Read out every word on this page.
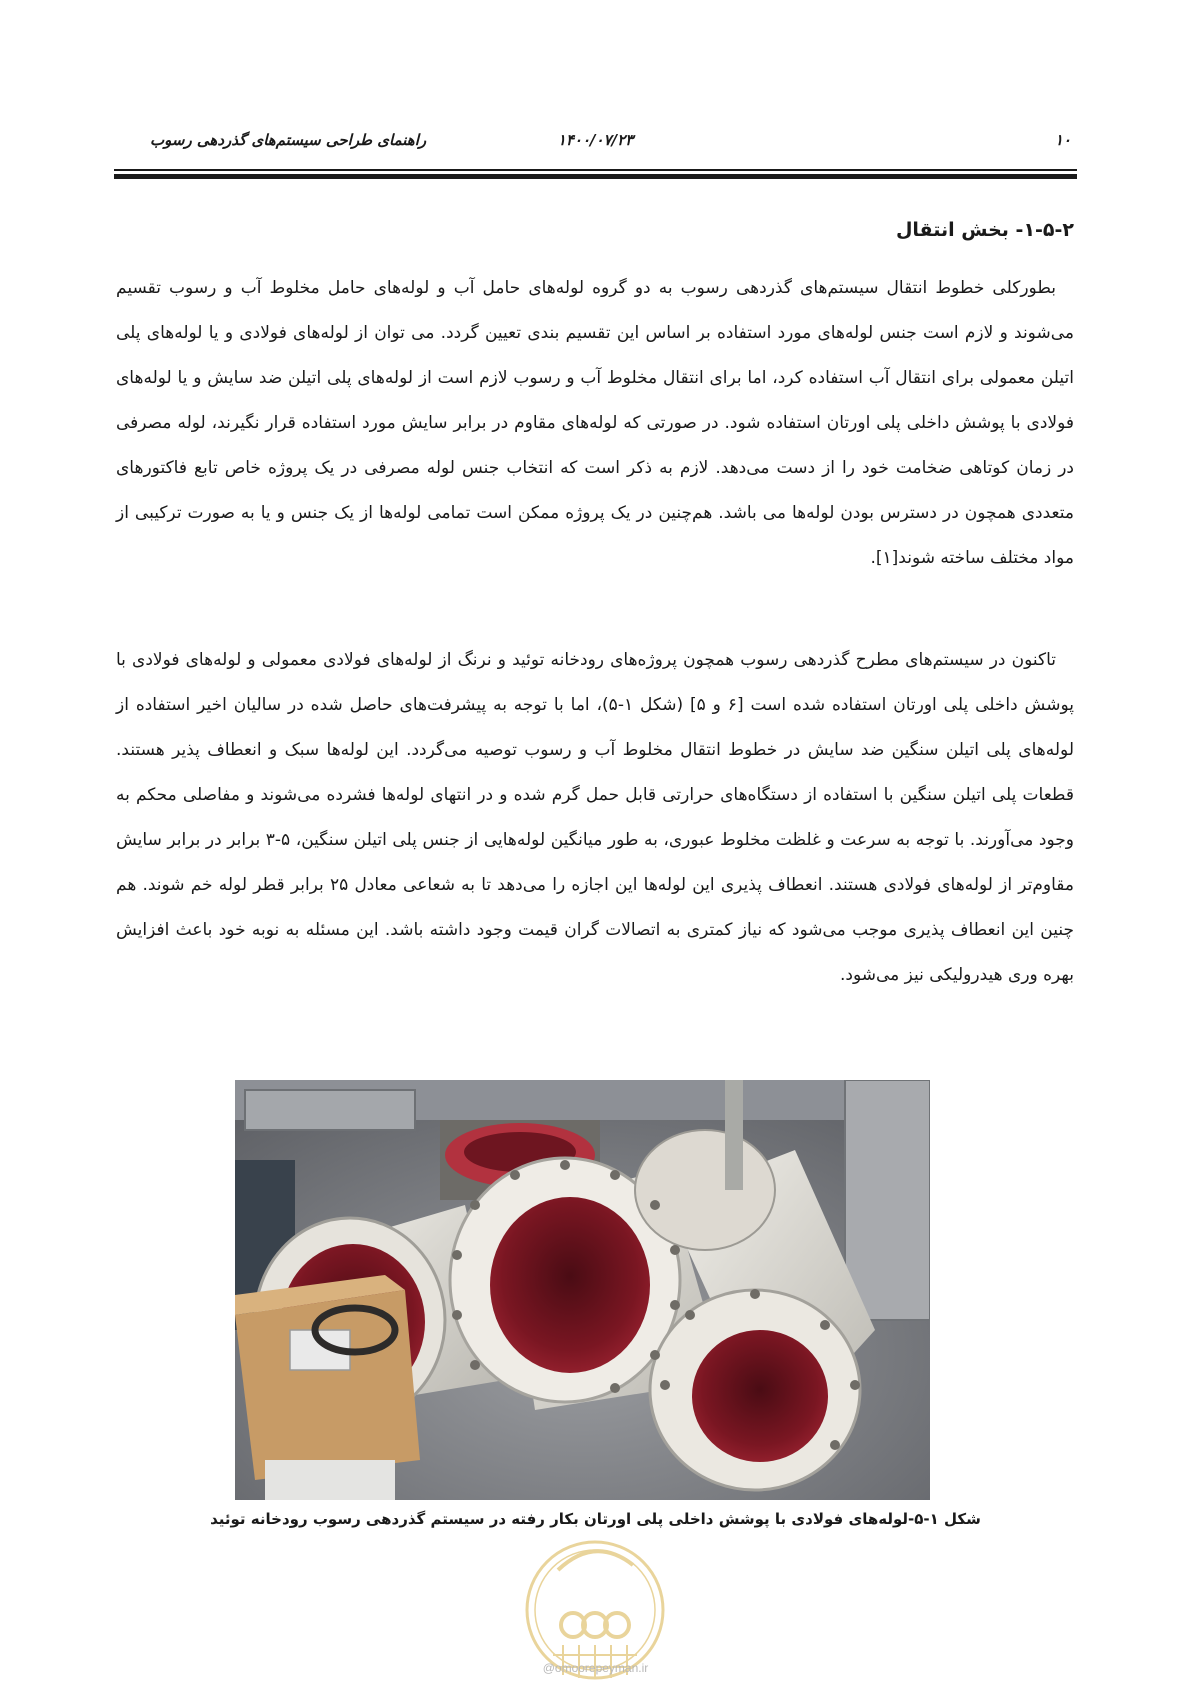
۱۰
۱۴۰۰/۰۷/۲۳
راهنمای طراحی سیستم‌های گذردهی رسوب
۱-۵-۲- بخش انتقال
بطورکلی خطوط انتقال سیستم‌های گذردهی رسوب به دو گروه لوله‌های حامل آب و لوله‌های حامل مخلوط آب و رسوب تقسیم می‌شوند و لازم است جنس لوله‌های مورد استفاده بر اساس این تقسیم بندی تعیین گردد. می توان از لوله‌های فولادی و یا لوله‌های پلی اتیلن معمولی برای انتقال آب استفاده کرد، اما برای انتقال مخلوط آب و رسوب لازم است از لوله‌های پلی اتیلن ضد سایش و یا لوله‌های فولادی با پوشش داخلی پلی اورتان استفاده شود. در صورتی که لوله‌های مقاوم در برابر سایش مورد استفاده قرار نگیرند، لوله مصرفی در زمان کوتاهی ضخامت خود را از دست می‌دهد. لازم به ذکر است که انتخاب جنس لوله مصرفی در یک پروژه خاص تابع فاکتورهای متعددی همچون در دسترس بودن لوله‌ها می باشد. هم‌چنین در یک پروژه ممکن است تمامی لوله‌ها از یک جنس و یا به صورت ترکیبی از مواد مختلف ساخته شوند[۱].
تاکنون در سیستم‌های مطرح گذردهی رسوب همچون پروژه‌های رودخانه توئید و نرنگ از لوله‌های فولادی معمولی و لوله‌های فولادی با پوشش داخلی پلی اورتان استفاده شده است [۶ و ۵] (شکل ۱-۵)، اما با توجه به پیشرفت‌های حاصل شده در سالیان اخیر استفاده از لوله‌های پلی اتیلن سنگین ضد سایش در خطوط انتقال مخلوط آب و رسوب توصیه می‌گردد. این لوله‌ها سبک و انعطاف پذیر هستند. قطعات پلی اتیلن سنگین با استفاده از دستگاه‌های حرارتی قابل حمل گرم شده و در انتهای لوله‌ها فشرده می‌شوند و مفاصلی محکم به وجود می‌آورند. با توجه به سرعت و غلظت مخلوط عبوری، به طور میانگین لوله‌هایی از جنس پلی اتیلن سنگین، ۵-۳ برابر در برابر سایش مقاوم‌تر از لوله‌های فولادی هستند. انعطاف پذیری این لوله‌ها این اجازه را می‌دهد تا به شعاعی معادل ۲۵ برابر قطر لوله خم شوند. هم چنین این انعطاف پذیری موجب می‌شود که نیاز کمتری به اتصالات گران قیمت وجود داشته باشد. این مسئله به نوبه خود باعث افزایش بهره وری هیدرولیکی نیز می‌شود.
شکل ۱-۵-لوله‌های فولادی با پوشش داخلی پلی اورتان بکار رفته در سیستم گذردهی رسوب رودخانه توئید
@omoorepeyman.ir
